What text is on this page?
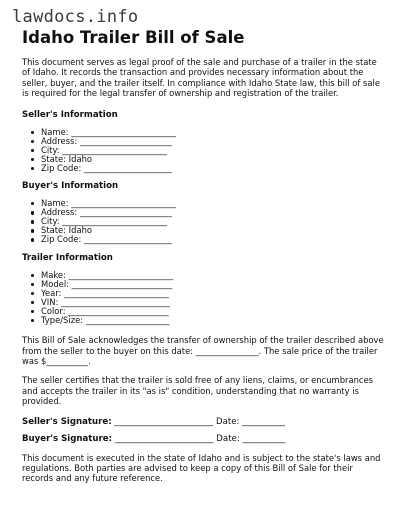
lawdocs.info
Idaho Trailer Bill of Sale

This document serves as legal proof of the sale and purchase of a trailer in the state of Idaho. It records the transaction and provides necessary information about the seller, buyer, and the trailer itself. In compliance with Idaho State law, this bill of sale is required for the legal transfer of ownership and registration of the trailer.

Seller's Information
Name: _________________________
Address: ______________________
City: _________________________
State: Idaho
Zip Code: _____________________
Buyer's Information
Name: _________________________
Address: ______________________
City: _________________________
State: Idaho
Zip Code: _____________________
Trailer Information
Make: _________________________
Model: ________________________
Year: _________________________
VIN: __________________________
Color: ________________________
Type/Size: ____________________

This Bill of Sale acknowledges the transfer of ownership of the trailer described above from the seller to the buyer on this date: _______________. The sale price of the trailer was $__________.

The seller certifies that the trailer is sold free of any liens, claims, or encumbrances and accepts the trailer in its "as is" condition, understanding that no warranty is provided.

Seller's Signature: _______________________ Date: __________
Buyer's Signature: _______________________ Date: __________

This document is executed in the state of Idaho and is subject to the state's laws and regulations. Both parties are advised to keep a copy of this Bill of Sale for their records and any future reference.
